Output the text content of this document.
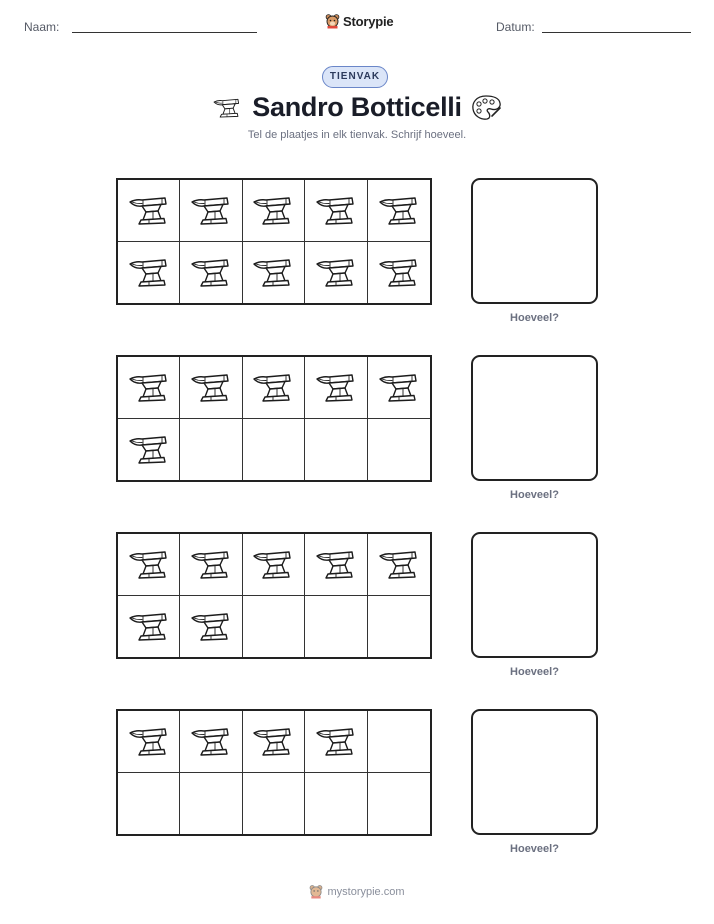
Naam:	Storypie	Datum:
TIENVAK
Sandro Botticelli
Tel de plaatjes in elk tienvak. Schrijf hoeveel.
Hoeveel?
Hoeveel?
Hoeveel?
Hoeveel?
mystorypie.com
